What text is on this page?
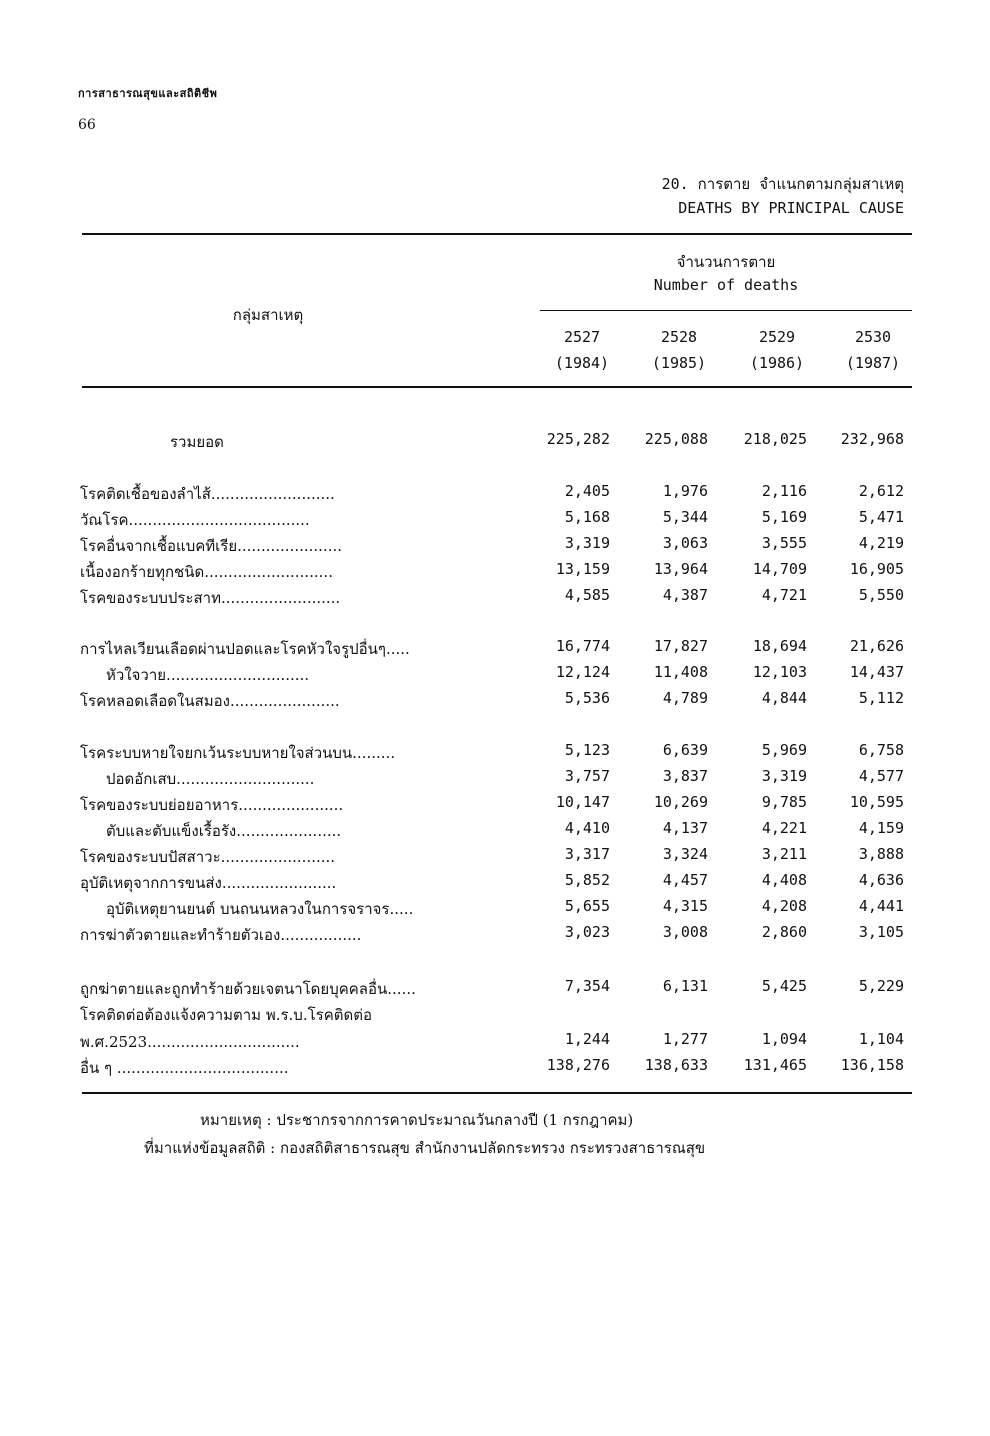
การสาธารณสุขและสถิติชีพ
66
20. การตาย จำแนกตามกลุ่มสาเหตุ
DEATHS BY PRINCIPAL CAUSE
จำนวนการตาย
Number of deaths
กลุ่มสาเหตุ
2527
(1984)
2528
(1985)
2529
(1986)
2530
(1987)
รวมยอด	225,282	225,088	218,025	232,968
โรคติดเชื้อของลำไส้..........................	2,405	1,976	2,116	2,612
วัณโรค......................................	5,168	5,344	5,169	5,471
โรคอื่นจากเชื้อแบคทีเรีย......................	3,319	3,063	3,555	4,219
เนื้องอกร้ายทุกชนิด...........................	13,159	13,964	14,709	16,905
โรคของระบบประสาท.........................	4,585	4,387	4,721	5,550
การไหลเวียนเลือดผ่านปอดและโรคหัวใจรูปอื่นๆ.....	16,774	17,827	18,694	21,626
หัวใจวาย..............................	12,124	11,408	12,103	14,437
โรคหลอดเลือดในสมอง.......................	5,536	4,789	4,844	5,112
โรคระบบหายใจยกเว้นระบบหายใจส่วนบน.........	5,123	6,639	5,969	6,758
ปอดอักเสบ.............................	3,757	3,837	3,319	4,577
โรคของระบบย่อยอาหาร......................	10,147	10,269	9,785	10,595
ตับและตับแข็งเรื้อรัง......................	4,410	4,137	4,221	4,159
โรคของระบบปัสสาวะ........................	3,317	3,324	3,211	3,888
อุบัติเหตุจากการขนส่ง........................	5,852	4,457	4,408	4,636
อุบัติเหตุยานยนต์ บนถนนหลวงในการจราจร.....	5,655	4,315	4,208	4,441
การฆ่าตัวตายและทำร้ายตัวเอง.................	3,023	3,008	2,860	3,105
ถูกฆ่าตายและถูกทำร้ายด้วยเจตนาโดยบุคคลอื่น......	7,354	6,131	5,425	5,229
โรคติดต่อต้องแจ้งความตาม พ.ร.บ.โรคติดต่อ
พ.ศ.2523................................	1,244	1,277	1,094	1,104
อื่น ๆ ....................................	138,276	138,633	131,465	136,158
หมายเหตุ : ประชากรจากการคาดประมาณวันกลางปี (1 กรกฎาคม)
ที่มาแห่งข้อมูลสถิติ : กองสถิติสาธารณสุข สำนักงานปลัดกระทรวง กระทรวงสาธารณสุข
